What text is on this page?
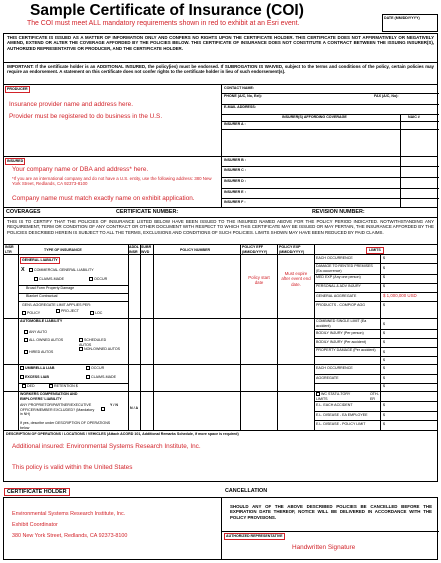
Sample Certificate of Insurance (COI)
The COI must meet ALL mandatory requirements shown in red to exhibit at an Esri event.
DATE (MM/DD/YYYY)
THIS CERTIFICATE IS ISSUED AS A MATTER OF INFORMATION ONLY AND CONFERS NO RIGHTS UPON THE CERTIFICATE HOLDER. THIS CERTIFICATE DOES NOT AFFIRMATIVELY OR NEGATIVELY AMEND, EXTEND OR ALTER THE COVERAGE AFFORDED BY THE POLICIES BELOW. THIS CERTIFICATE OF INSURANCE DOES NOT CONSTITUTE A CONTRACT BETWEEN THE ISSUING INSURER(S), AUTHORIZED REPRESENTATIVE OR PRODUCER, AND THE CERTIFICATE HOLDER.
IMPORTANT: If the certificate holder is an ADDITIONAL INSURED, the policy(ies) must be endorsed. If SUBROGATION IS WAIVED, subject to the terms and conditions of the policy, certain policies may require an endorsement. A statement on this certificate does not confer rights to the certificate holder in lieu of such endorsement(s).
PRODUCER
Insurance provider name and address here.
Provider must be registered to do business in the U.S.
CONTACT NAME:
PHONE (A/C, No, Ext):	FAX (A/C, No):
E-MAIL ADDRESS:
INSURER(S) AFFORDING COVERAGE	NAIC #
INSURER A :
INSURED
Your company name or DBA and address* here.
*If you are an international company and do not have a U.S. entity, use the following address: 380 New York Street, Redlands, CA 92373-8100
Company name must match exactly name on exhibit application.
INSURER B :
INSURER C :
INSURER D :
INSURER E :
INSURER F :
COVERAGES	CERTIFICATE NUMBER:	REVISION NUMBER:
THIS IS TO CERTIFY THAT THE POLICIES OF INSURANCE LISTED BELOW HAVE BEEN ISSUED TO THE INSURED NAMED ABOVE FOR THE POLICY PERIOD INDICATED. NOTWITHSTANDING ANY REQUIREMENT, TERM OR CONDITION OF ANY CONTRACT OR OTHER DOCUMENT WITH RESPECT TO WHICH THIS CERTIFICATE MAY BE ISSUED OR MAY PERTAIN, THE INSURANCE AFFORDED BY THE POLICIES DESCRIBED HEREIN IS SUBJECT TO ALL THE TERMS, EXCLUSIONS AND CONDITIONS OF SUCH POLICIES. LIMITS SHOWN MAY HAVE BEEN REDUCED BY PAID CLAIMS.
INSR LTR	TYPE OF INSURANCE
ADDL INSR
SUBR WVD	POLICY NUMBER
POLICY EFF (MM/DD/YYYY)
POLICY EXP (MM/DD/YYYY)	LIMITS
GENERAL LIABILITY
X	COMMERCIAL GENERAL LIABILITY
CLAIMS-MADE	OCCUR
Broad Form Property Damage
Blanket Contractual
GEN'L AGGREGATE LIMIT APPLIES PER:
POLICY	PRO-JECT	LOC
Policy start date
Must expire after event end date.
EACH OCCURRENCE	$
DAMAGE TO RENTED PREMISES (Ea occurrence)
$
MED EXP (Any one person)	$
PERSONAL & ADV INJURY	$
GENERAL AGGREGATE	$ 1,000,000 USD
PRODUCTS - COMP/OP AGG	$
AUTOMOBILE LIABILITY
ANY AUTO
ALL OWNED AUTOS	SCHEDULED AUTOS
HIRED AUTOS
NON-OWNED AUTOS
COMBINED SINGLE LIMIT (Ea accident)	$
BODILY INJURY (Per person)	$
BODILY INJURY (Per accident)	$
PROPERTY DAMAGE (Per accident)	$
$
UMBRELLA LIAB	OCCUR
EXCESS LIAB	CLAIMS-MADE
DED	RETENTION $
EACH OCCURRENCE	$
AGGREGATE	$
$
WORKERS COMPENSATION AND EMPLOYERS' LIABILITY
ANY PROPRIETOR/PARTNER/EXECUTIVE OFFICER/MEMBER EXCLUDED? (Mandatory in NH)
Y / N
N / A
If yes, describe under DESCRIPTION OF OPERATIONS below
WC STATU-TORY LIMITS
OTH-ER
E.L. EACH ACCIDENT	$
E.L. DISEASE - EA EMPLOYEE	$
E.L. DISEASE - POLICY LIMIT	$
DESCRIPTION OF OPERATIONS / LOCATIONS / VEHICLES (Attach ACORD 101, Additional Remarks Schedule, if more space is required)
Additional insured: Environmental Systems Research Institute, Inc.
This policy is valid within the United States
CERTIFICATE HOLDER	CANCELLATION
Environmental Systems Research Institute, Inc.
Exhibit Coordinator
380 New York Street, Redlands, CA 92373-8100
SHOULD ANY OF THE ABOVE DESCRIBED POLICIES BE CANCELLED BEFORE THE EXPIRATION DATE THEREOF, NOTICE WILL BE DELIVERED IN ACCORDANCE WITH THE POLICY PROVISIONS.
AUTHORIZED REPRESENTATIVE
Handwritten Signature
